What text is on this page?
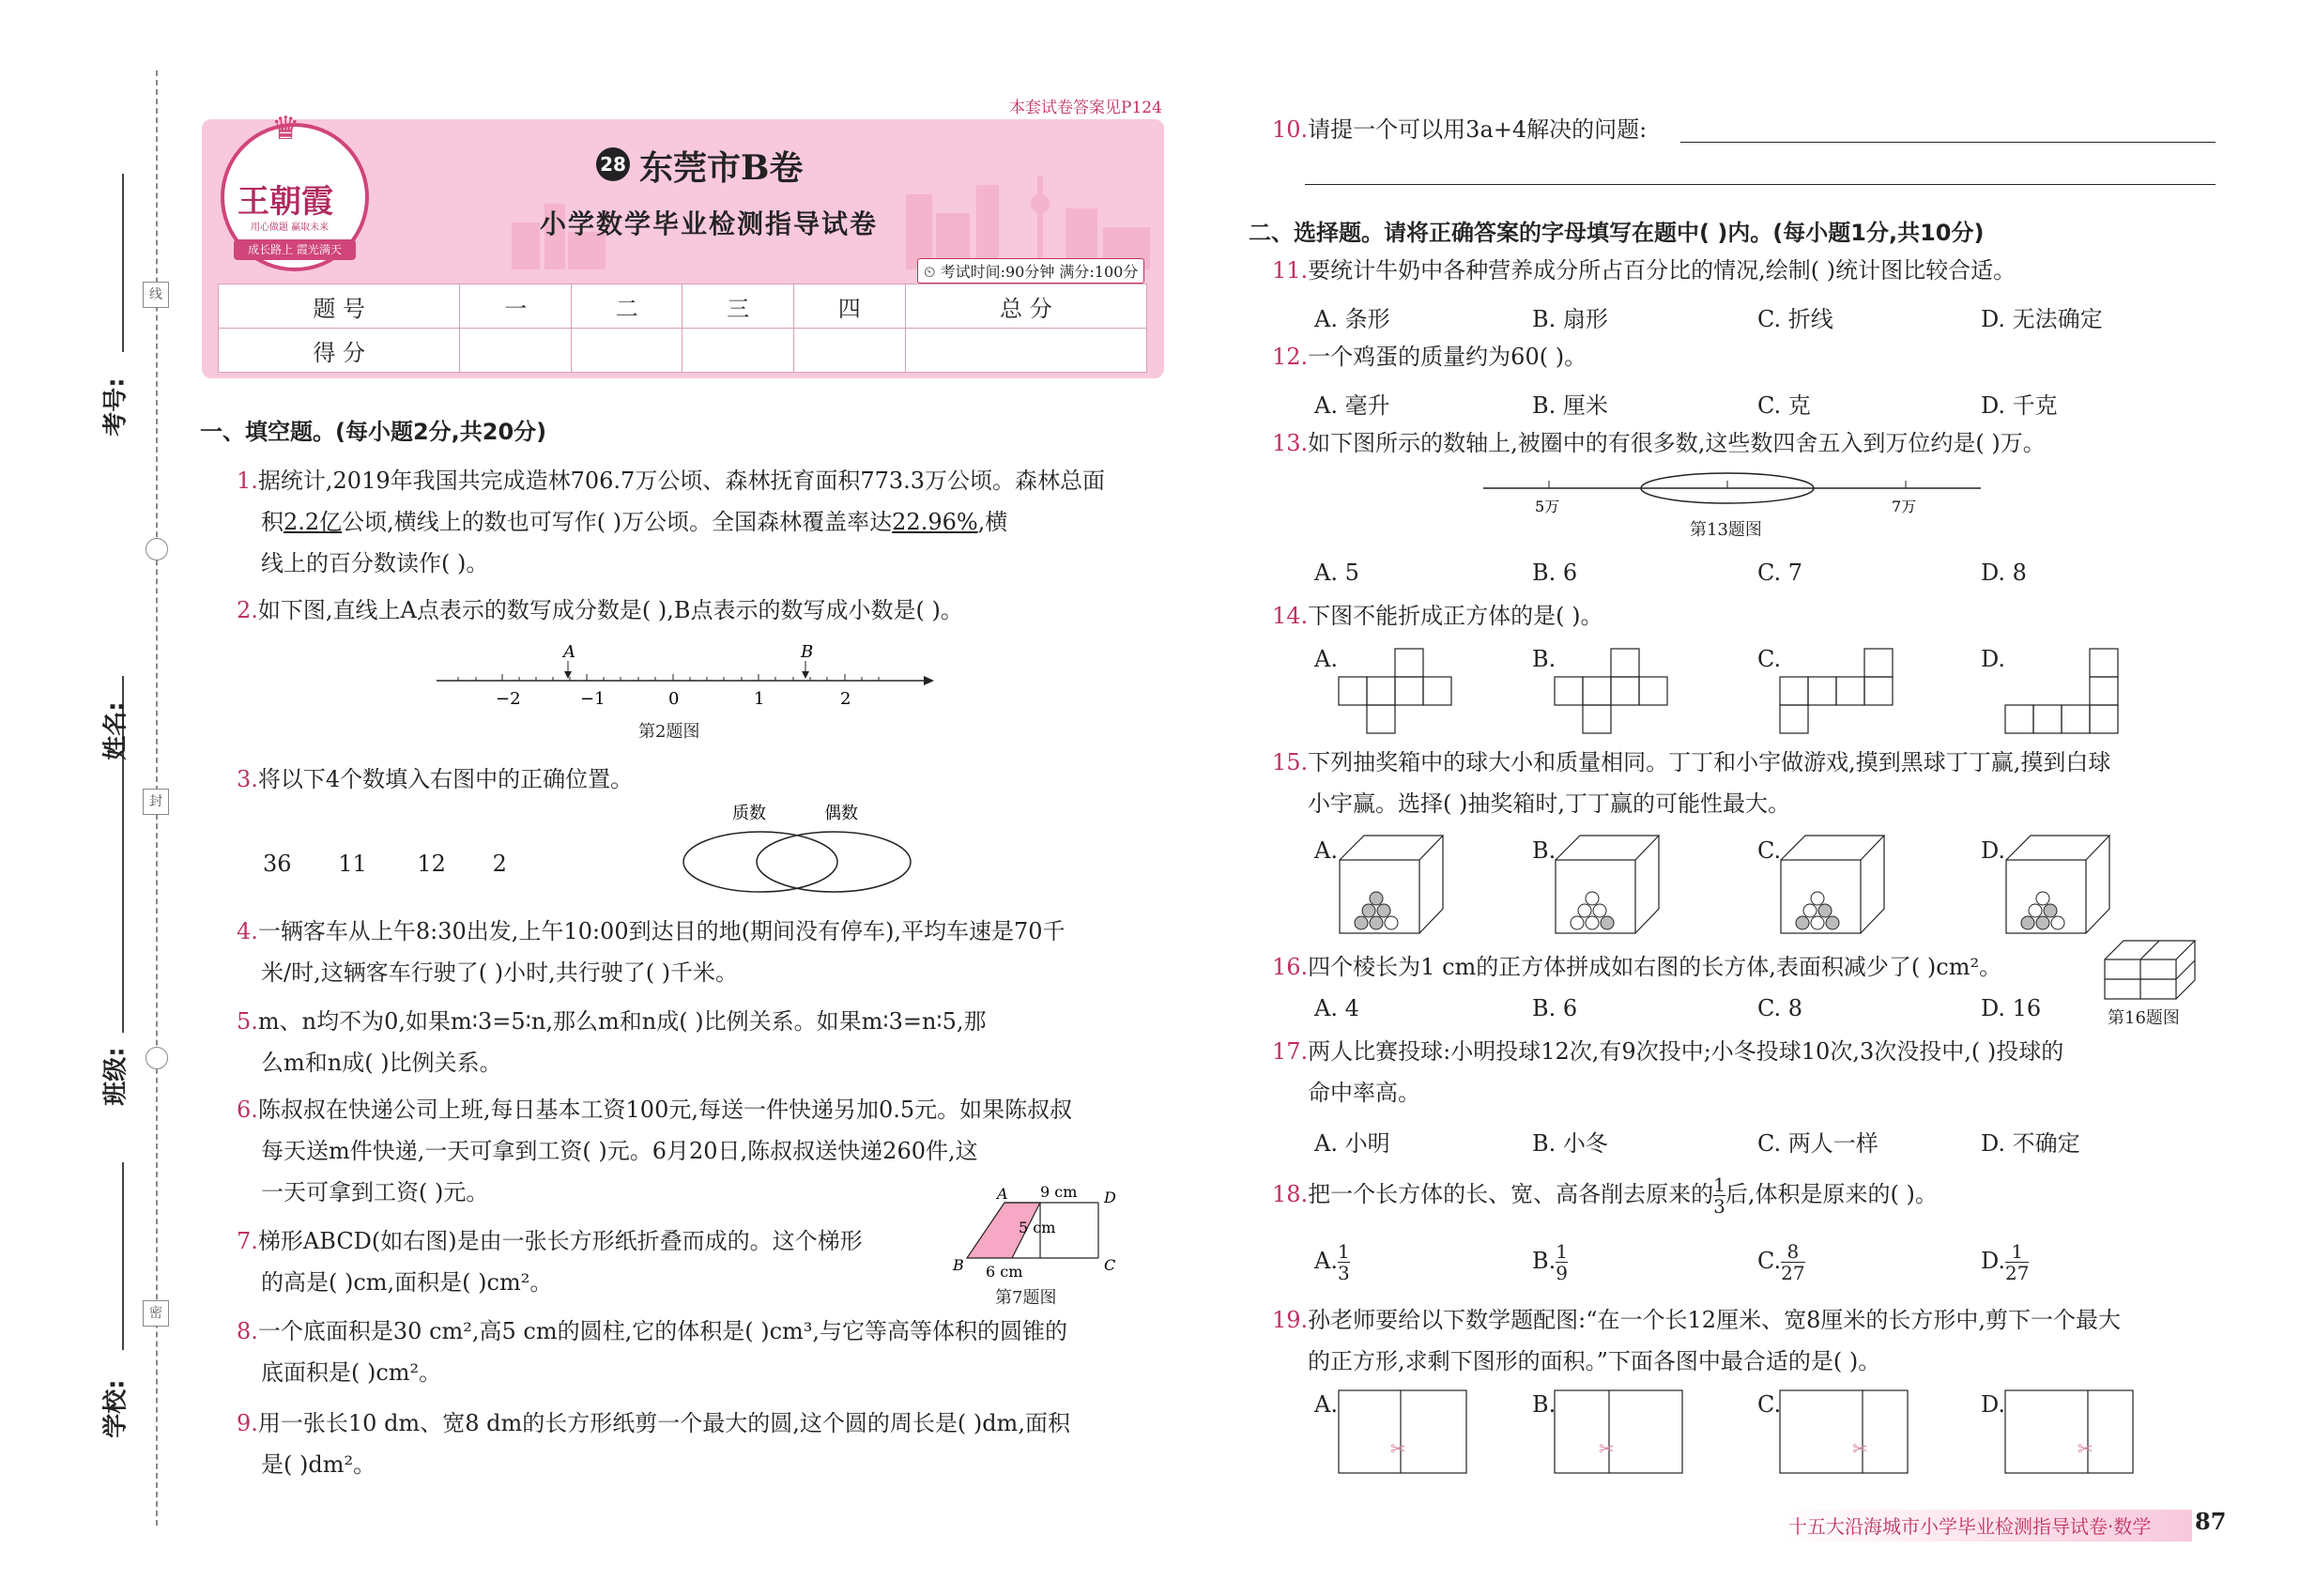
线
封
密
考号:
姓名:
班级:
学校:
本套试卷答案见P124
♛
王朝霞
用心做题 赢取未来
成长路上 霞光满天
28 东莞市B卷
小学数学毕业检测指导试卷
⏲ 考试时间:90分钟 满分:100分
题 号	一	二	三	四	总 分
得 分					
一、填空题。(每小题2分,共20分)
1.据统计,2019年我国共完成造林706.7万公顷、森林抚育面积773.3万公顷。森林总面
积2.2亿公顷,横线上的数也可写作( )万公顷。全国森林覆盖率达22.96%,横
线上的百分数读作( )。
2.如下图,直线上A点表示的数写成分数是( ),B点表示的数写成小数是( )。
−2	−1	0	1	2
A	B
第2题图
3.将以下4个数填入右图中的正确位置。
36 11 12 2
质数	偶数
4.一辆客车从上午8:30出发,上午10:00到达目的地(期间没有停车),平均车速是70千
米/时,这辆客车行驶了( )小时,共行驶了( )千米。
5.m、n均不为0,如果m∶3=5∶n,那么m和n成( )比例关系。如果m∶3=n∶5,那
么m和n成( )比例关系。
6.陈叔叔在快递公司上班,每日基本工资100元,每送一件快递另加0.5元。如果陈叔叔
每天送m件快递,一天可拿到工资( )元。6月20日,陈叔叔送快递260件,这
一天可拿到工资( )元。
7.梯形ABCD(如右图)是由一张长方形纸折叠而成的。这个梯形
的高是( )cm,面积是( )cm²。
A
B	C
D
9 cm
5 cm
6 cm
第7题图
8.一个底面积是30 cm²,高5 cm的圆柱,它的体积是( )cm³,与它等高等体积的圆锥的
底面积是( )cm²。
9.用一张长10 dm、宽8 dm的长方形纸剪一个最大的圆,这个圆的周长是( )dm,面积
是( )dm²。
10.请提一个可以用3a+4解决的问题:
二、选择题。请将正确答案的字母填写在题中( )内。(每小题1分,共10分)
11.要统计牛奶中各种营养成分所占百分比的情况,绘制( )统计图比较合适。
A. 条形	B. 扇形	C. 折线	D. 无法确定
12.一个鸡蛋的质量约为60( )。
A. 毫升	B. 厘米	C. 克	D. 千克
13.如下图所示的数轴上,被圈中的有很多数,这些数四舍五入到万位约是( )万。
5万	7万
第13题图
A. 5	B. 6	C. 7	D. 8
14.下图不能折成正方体的是( )。
A.	B.	C.	D.
15.下列抽奖箱中的球大小和质量相同。丁丁和小宇做游戏,摸到黑球丁丁赢,摸到白球
小宇赢。选择( )抽奖箱时,丁丁赢的可能性最大。
A.	B.	C.	D.
16.四个棱长为1 cm的正方体拼成如右图的长方体,表面积减少了( )cm²。
第16题图
A. 4	B. 6	C. 8	D. 16
17.两人比赛投球:小明投球12次,有9次投中;小冬投球10次,3次没投中,( )投球的
命中率高。
A. 小明	B. 小冬	C. 两人一样	D. 不确定
18.把一个长方体的长、宽、高各削去原来的 $\frac{1}{3}$ 后,体积是原来的( )。
A. $\frac{1}{3}$	B. $\frac{1}{9}$	C. $\frac{8}{27}$	D. $\frac{1}{27}$
19.孙老师要给以下数学题配图:“在一个长12厘米、宽8厘米的长方形中,剪下一个最大
的正方形,求剩下图形的面积。”下面各图中最合适的是( )。
A.	B.	C.	D.
✂	✂	✂	✂
十五大沿海城市小学毕业检测指导试卷·数学 87
